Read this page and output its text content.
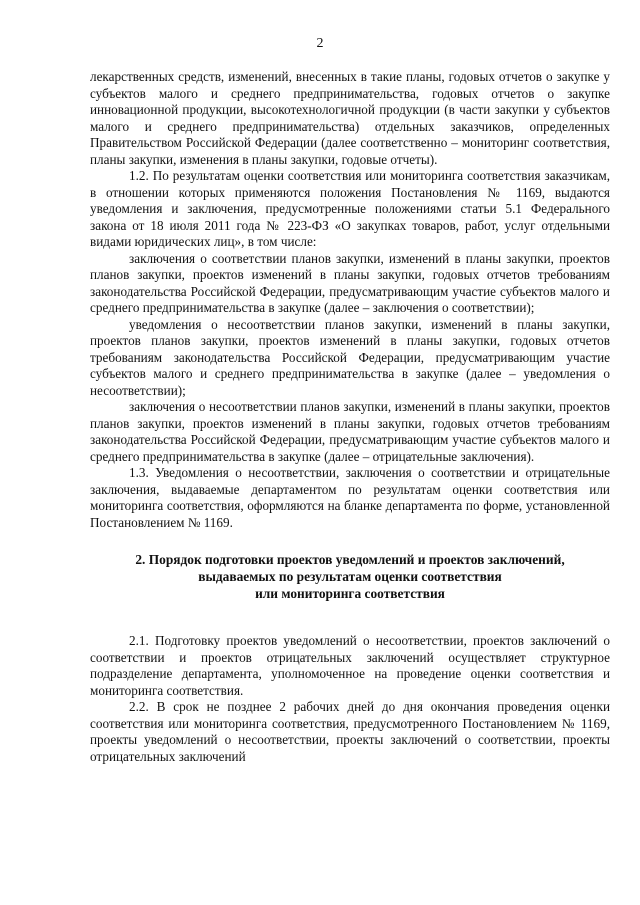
2

лекарственных средств, изменений, внесенных в такие планы, годовых отчетов о закупке у субъектов малого и среднего предпринимательства, годовых отчетов о закупке инновационной продукции, высокотехнологичной продукции (в части закупки у субъектов малого и среднего предпринимательства) отдельных заказчиков, определенных Правительством Российской Федерации (далее соответственно – мониторинг соответствия, планы закупки, изменения в планы закупки, годовые отчеты).

1.2. По результатам оценки соответствия или мониторинга соответствия заказчикам, в отношении которых применяются положения Постановления № 1169, выдаются уведомления и заключения, предусмотренные положениями статьи 5.1 Федерального закона от 18 июля 2011 года № 223-ФЗ «О закупках товаров, работ, услуг отдельными видами юридических лиц», в том числе:

заключения о соответствии планов закупки, изменений в планы закупки, проектов планов закупки, проектов изменений в планы закупки, годовых отчетов требованиям законодательства Российской Федерации, предусматривающим участие субъектов малого и среднего предпринимательства в закупке (далее – заключения о соответствии);

уведомления о несоответствии планов закупки, изменений в планы закупки, проектов планов закупки, проектов изменений в планы закупки, годовых отчетов требованиям законодательства Российской Федерации, предусматривающим участие субъектов малого и среднего предпринимательства в закупке (далее – уведомления о несоответствии);

заключения о несоответствии планов закупки, изменений в планы закупки, проектов планов закупки, проектов изменений в планы закупки, годовых отчетов требованиям законодательства Российской Федерации, предусматривающим участие субъектов малого и среднего предпринимательства в закупке (далее – отрицательные заключения).

1.3. Уведомления о несоответствии, заключения о соответствии и отрицательные заключения, выдаваемые департаментом по результатам оценки соответствия или мониторинга соответствия, оформляются на бланке департамента по форме, установленной Постановлением № 1169.

2. Порядок подготовки проектов уведомлений и проектов заключений,
выдаваемых по результатам оценки соответствия
или мониторинга соответствия

2.1. Подготовку проектов уведомлений о несоответствии, проектов заключений о соответствии и проектов отрицательных заключений осуществляет структурное подразделение департамента, уполномоченное на проведение оценки соответствия и мониторинга соответствия.

2.2. В срок не позднее 2 рабочих дней до дня окончания проведения оценки соответствия или мониторинга соответствия, предусмотренного Постановлением № 1169, проекты уведомлений о несоответствии, проекты заключений о соответствии, проекты отрицательных заключений
